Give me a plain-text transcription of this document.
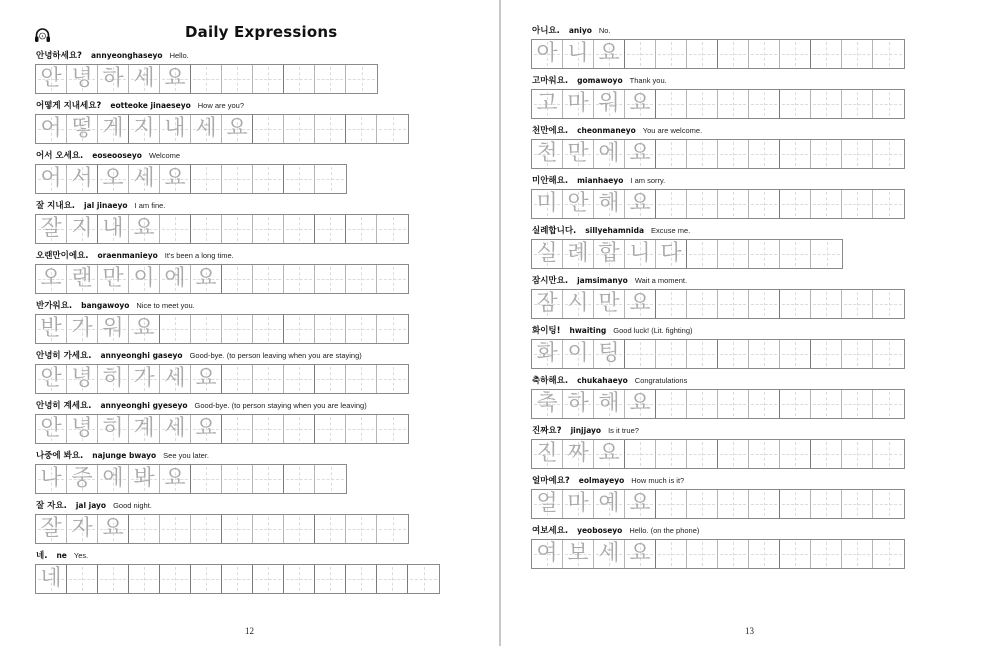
4	Daily Expressions
안녕하세요? annyeonghaseyo Hello.
안 녕 하 세 요
어떻게 지내세요? eotteoke jinaeseyo How are you?
어 떻 게 지 내 세 요
어서 오세요. eoseooseyo Welcome
어 서 오 세 요
잘 지내요. jal jinaeyo I am fine.
잘 지 내 요
오랜만이에요. oraenmanieyo It's been a long time.
오 랜 만 이 에 요
반가워요. bangawoyo Nice to meet you.
반 가 워 요
안녕히 가세요. annyeonghi gaseyo Good-bye. (to person leaving when you are staying)
안 녕 히 가 세 요
안녕히 계세요. annyeonghi gyeseyo Good-bye. (to person staying when you are leaving)
안 녕 히 계 세 요
나중에 봐요. najunge bwayo See you later.
나 중 에 봐 요
잘 자요. jal jayo Good night.
잘 자 요
네. ne Yes.
네
12
아니요. aniyo No.
아 니 요
고마워요. gomawoyo Thank you.
고 마 워 요
천만에요. cheonmaneyo You are welcome.
천 만 에 요
미안해요. mianhaeyo I am sorry.
미 안 해 요
실례합니다. sillyehamnida Excuse me.
실 례 합 니 다
잠시만요. jamsimanyo Wait a moment.
잠 시 만 요
화이팅! hwaiting Good luck! (Lit. fighting)
화 이 팅
축하해요. chukahaeyo Congratulations
축 하 해 요
진짜요? jinjjayo Is it true?
진 짜 요
얼마예요? eolmayeyo How much is it?
얼 마 예 요
여보세요. yeoboseyo Hello. (on the phone)
여 보 세 요
13
